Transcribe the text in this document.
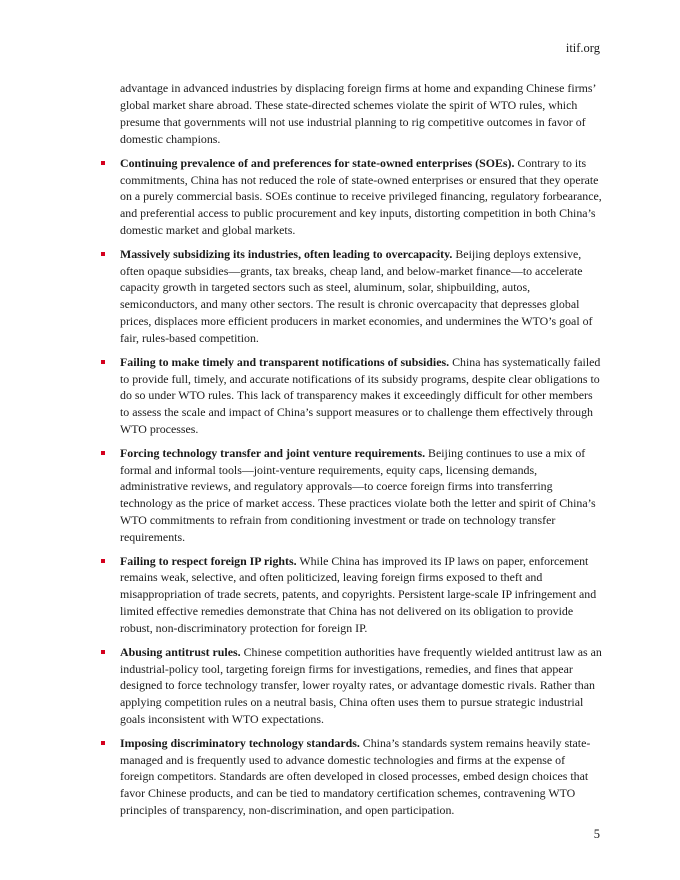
itif.org

advantage in advanced industries by displacing foreign firms at home and expanding Chinese firms’ global market share abroad. These state-directed schemes violate the spirit of WTO rules, which presume that governments will not use industrial planning to rig competitive outcomes in favor of domestic champions.

Continuing prevalence of and preferences for state-owned enterprises (SOEs). Contrary to its commitments, China has not reduced the role of state-owned enterprises or ensured that they operate on a purely commercial basis. SOEs continue to receive privileged financing, regulatory forbearance, and preferential access to public procurement and key inputs, distorting competition in both China’s domestic market and global markets.
Massively subsidizing its industries, often leading to overcapacity. Beijing deploys extensive, often opaque subsidies—grants, tax breaks, cheap land, and below-market finance—to accelerate capacity growth in targeted sectors such as steel, aluminum, solar, shipbuilding, autos, semiconductors, and many other sectors. The result is chronic overcapacity that depresses global prices, displaces more efficient producers in market economies, and undermines the WTO’s goal of fair, rules-based competition.
Failing to make timely and transparent notifications of subsidies. China has systematically failed to provide full, timely, and accurate notifications of its subsidy programs, despite clear obligations to do so under WTO rules. This lack of transparency makes it exceedingly difficult for other members to assess the scale and impact of China’s support measures or to challenge them effectively through WTO processes.
Forcing technology transfer and joint venture requirements. Beijing continues to use a mix of formal and informal tools—joint-venture requirements, equity caps, licensing demands, administrative reviews, and regulatory approvals—to coerce foreign firms into transferring technology as the price of market access. These practices violate both the letter and spirit of China’s WTO commitments to refrain from conditioning investment or trade on technology transfer requirements.
Failing to respect foreign IP rights. While China has improved its IP laws on paper, enforcement remains weak, selective, and often politicized, leaving foreign firms exposed to theft and misappropriation of trade secrets, patents, and copyrights. Persistent large-scale IP infringement and limited effective remedies demonstrate that China has not delivered on its obligation to provide robust, non-discriminatory protection for foreign IP.
Abusing antitrust rules. Chinese competition authorities have frequently wielded antitrust law as an industrial-policy tool, targeting foreign firms for investigations, remedies, and fines that appear designed to force technology transfer, lower royalty rates, or advantage domestic rivals. Rather than applying competition rules on a neutral basis, China often uses them to pursue strategic industrial goals inconsistent with WTO expectations.
Imposing discriminatory technology standards. China’s standards system remains heavily state-managed and is frequently used to advance domestic technologies and firms at the expense of foreign competitors. Standards are often developed in closed processes, embed design choices that favor Chinese products, and can be tied to mandatory certification schemes, contravening WTO principles of transparency, non-discrimination, and open participation.
5
